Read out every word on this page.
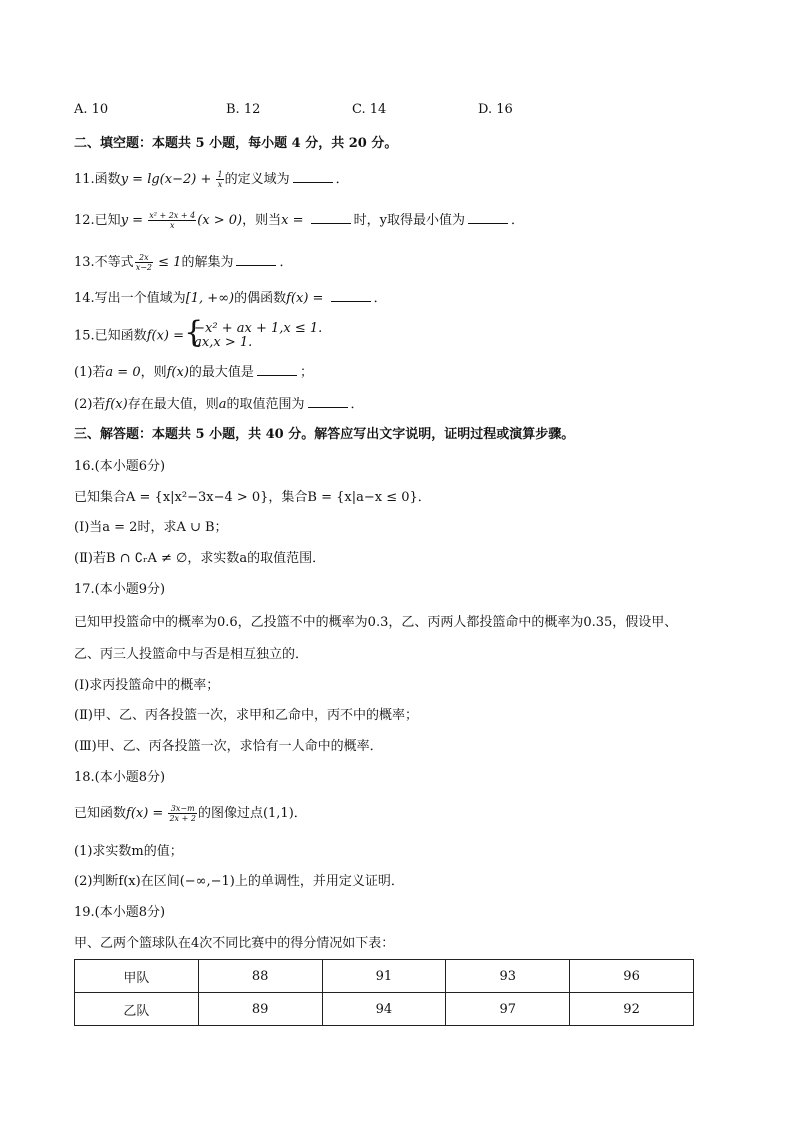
A. 10	B. 12	C. 14	D. 16
二、填空题：本题共 5 小题，每小题 4 分，共 20 分。
11.函数$y = \lg(x-2) + \frac{1}{x}$ 的定义域为	．
12.已知$y = \frac{\text{x² + 2x + 4}}{x} (x > 0)$，则当x =	时，y取得最小值为	．
13.不等式 $\frac{2x}{x-2} \le 1$的解集为	．
14.写出一个值域为[1, +∞)的偶函数f(x) =	．
15.已知函数f(x) = { −x² + ax + 1,x ≤ 1.
ax,x > 1.
(1)若a = 0，则f(x)的最大值是	；
(2)若f(x)存在最大值，则a的取值范围为	．
三、解答题：本题共 5 小题，共 40 分。解答应写出文字说明，证明过程或演算步骤。
16.(本小题6分)
已知集合A = {x|x²−3x−4 > 0}，集合B = {x|a−x ≤ 0}．
(Ⅰ)当a = 2时，求A ∪ B；
(Ⅱ)若B ∩ ∁ᵣA ≠ ∅，求实数a的取值范围．
17.(本小题9分)
已知甲投篮命中的概率为0.6，乙投篮不中的概率为0.3，乙、丙两人都投篮命中的概率为0.35，假设甲、
乙、丙三人投篮命中与否是相互独立的．
(Ⅰ)求丙投篮命中的概率；
(Ⅱ)甲、乙、丙各投篮一次，求甲和乙命中，丙不中的概率；
(Ⅲ)甲、乙、丙各投篮一次，求恰有一人命中的概率．
18.(本小题8分)
已知函数$f(x) = \frac{3x-m}{2x + 2}$ 的图像过点(1,1)．
(1)求实数m的值；
(2)判断f(x)在区间(−∞,−1)上的单调性，并用定义证明．
19.(本小题8分)
甲、乙两个篮球队在4次不同比赛中的得分情况如下表：
甲队	88	91	93	96
乙队	89	94	97	92
